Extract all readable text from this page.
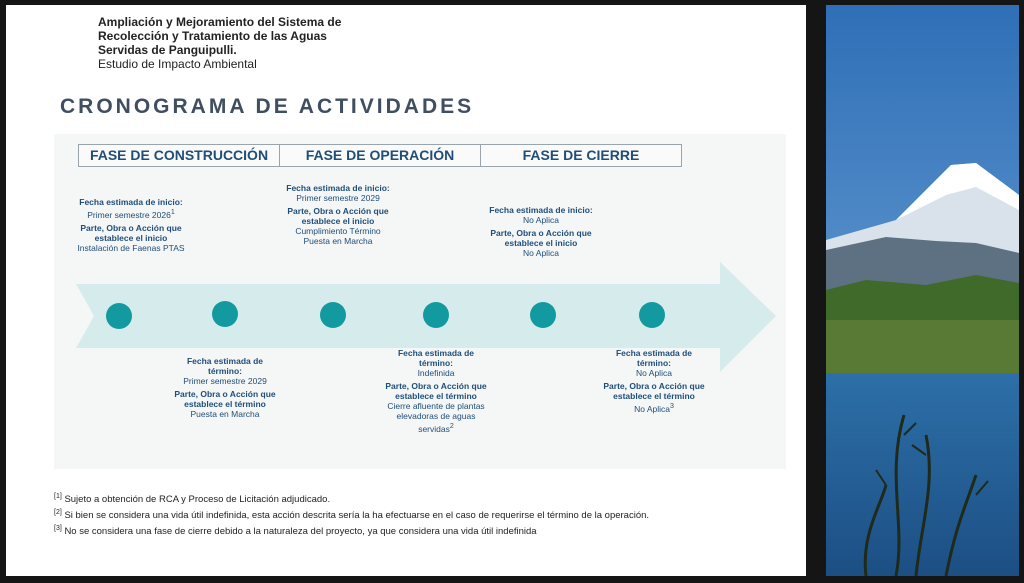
Ampliación y Mejoramiento del Sistema de
Recolección y Tratamiento de las Aguas
Servidas de Panguipulli.
Estudio de Impacto Ambiental
CRONOGRAMA DE ACTIVIDADES
FASE DE CONSTRUCCIÓN	FASE DE OPERACIÓN	FASE DE CIERRE
Fecha estimada de inicio:
Primer semestre 2026$^1$
Parte, Obra o Acción que establece el inicio
Instalación de Faenas PTAS
Fecha estimada de término:
Primer semestre 2029
Parte, Obra o Acción que establece el término
Puesta en Marcha
Fecha estimada de inicio:
Primer semestre 2029
Parte, Obra o Acción que establece el inicio
Cumplimiento Término Puesta en Marcha
Fecha estimada de término:
Indefinida
Parte, Obra o Acción que establece el término
Cierre afluente de plantas elevadoras de aguas servidas$^2$
Fecha estimada de inicio:
No Aplica
Parte, Obra o Acción que establece el inicio
No Aplica
Fecha estimada de término:
No Aplica
Parte, Obra o Acción que establece el término
No Aplica$^3$
[1] Sujeto a obtención de RCA y Proceso de Licitación adjudicado.
[2] Si bien se considera una vida útil indefinida, esta acción descrita sería la ha efectuarse en el caso de requerirse el término de la operación.
[3] No se considera una fase de cierre debido a la naturaleza del proyecto, ya que considera una vida útil indefinida
